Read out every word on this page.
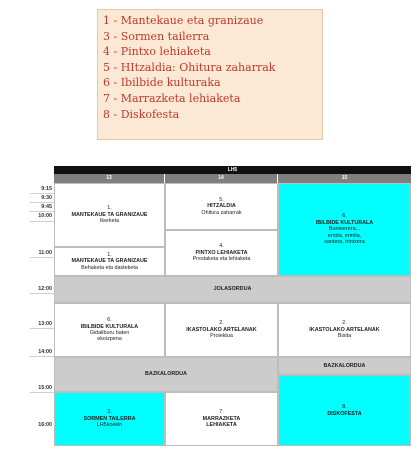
1 - Mantekaue eta granizaue
3 - Sormen tailerra
4 - Pintxo lehiaketa
5 - HItzaldia: Ohitura zaharrak
6 - Ibilbide kulturaka
7 - Marrazketa lehiaketa
8 - Diskofesta
LH5
13	14	15
9:15
9:30
9:45
10:00
11:00
12:00
13:00
14:00
15:00
16:00
1.
MANTEKAUE TA GRANIZAUE
Ikerketa
1.
MANTEKAUE TA GRANIZAUE
Behaketa eta dasteketa
5.
HITZALDIA
Ohitura zaharrak
4.
PINTXO LEHIAKETA
Prestaketa eta lehiaketa
6.
IBILBIDE KULTURALA
Bunkerrera...
errota, ermita,
santera, trintxera
JOLASORDUA
6.
IBILBIDE KULTURALA
Gidaliburu baten
ekoizpena
2.
IKASTOLAKO ARTELANAK
Proiektua
2.
IKASTOLAKO ARTELANAK
Bisita
BAZKALORDUA
BAZKALORDUA
3.
SORMEN TAILERRA
LH5koekin
7.
MARRAZKETA
LEHIAKETA
8.
DISKOFESTA
